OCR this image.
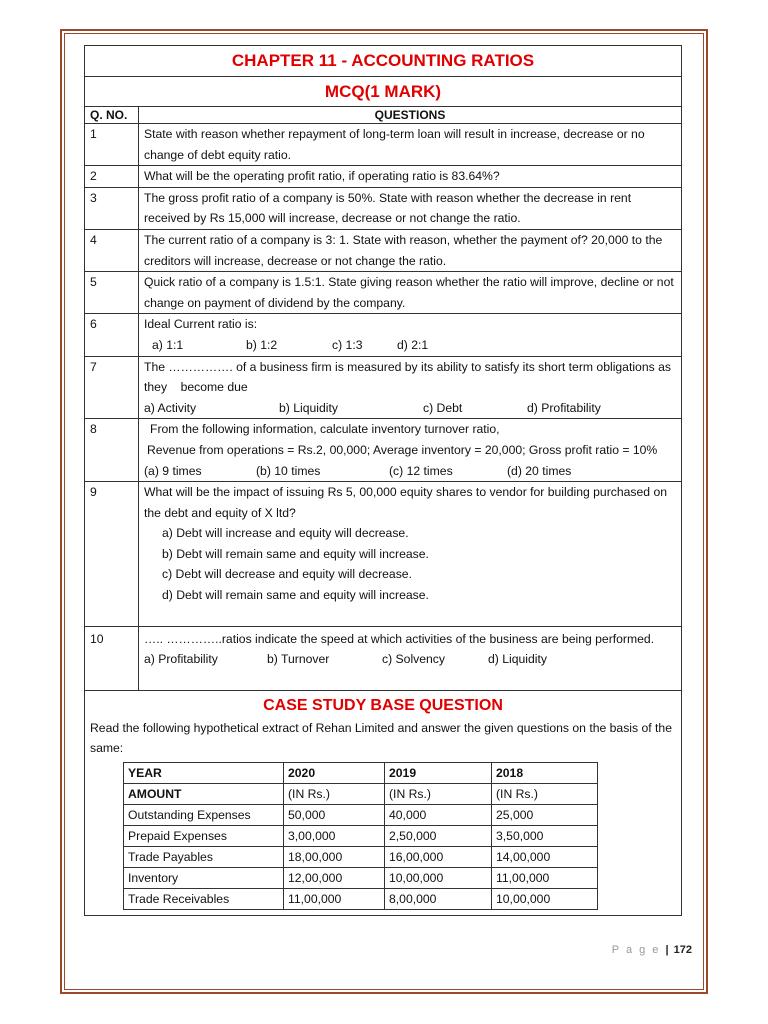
CHAPTER 11 - ACCOUNTING RATIOS
MCQ(1 MARK)
Q. NO.	QUESTIONS
1	State with reason whether repayment of long-term loan will result in increase, decrease or no change of debt equity ratio.
2	What will be the operating profit ratio, if operating ratio is 83.64%?
3	The gross profit ratio of a company is 50%. State with reason whether the decrease in rent received by Rs 15,000 will increase, decrease or not change the ratio.
4	The current ratio of a company is 3: 1. State with reason, whether the payment of? 20,000 to the creditors will increase, decrease or not change the ratio.
5	Quick ratio of a company is 1.5:1. State giving reason whether the ratio will improve, decline or not change on payment of dividend by the company.
6	Ideal Current ratio is:
a) 1:1	b) 1:2	c) 1:3	d) 2:1

7	The ……………. of a business firm is measured by its ability to satisfy its short term obligations as they    become due
a) Activity	b) Liquidity	c) Debt	d) Profitability

8	From the following information, calculate inventory turnover ratio,
Revenue from operations = Rs.2, 00,000; Average inventory = 20,000; Gross profit ratio = 10%
(a) 9 times	(b) 10 times	(c) 12 times	(d) 20 times

9	What will be the impact of issuing Rs 5, 00,000 equity shares to vendor for building purchased on the debt and equity of X ltd?
a) Debt will increase and equity will decrease.
b) Debt will remain same and equity will increase.
c) Debt will decrease and equity will decrease.
d) Debt will remain same and equity will increase.

10	….. …………..ratios indicate the speed at which activities of the business are being performed.
a) Profitability	b) Turnover	c) Solvency	d) Liquidity

CASE STUDY BASE QUESTION
Read the following hypothetical extract of Rehan Limited and answer the given questions on the basis of the same:
YEAR	2020	2019	2018
AMOUNT	(IN Rs.)	(IN Rs.)	(IN Rs.)
Outstanding Expenses	50,000	40,000	25,000
Prepaid Expenses	3,00,000	2,50,000	3,50,000
Trade Payables	18,00,000	16,00,000	14,00,000
Inventory	12,00,000	10,00,000	11,00,000
Trade Receivables	11,00,000	8,00,000	10,00,000
P a g e | 172
